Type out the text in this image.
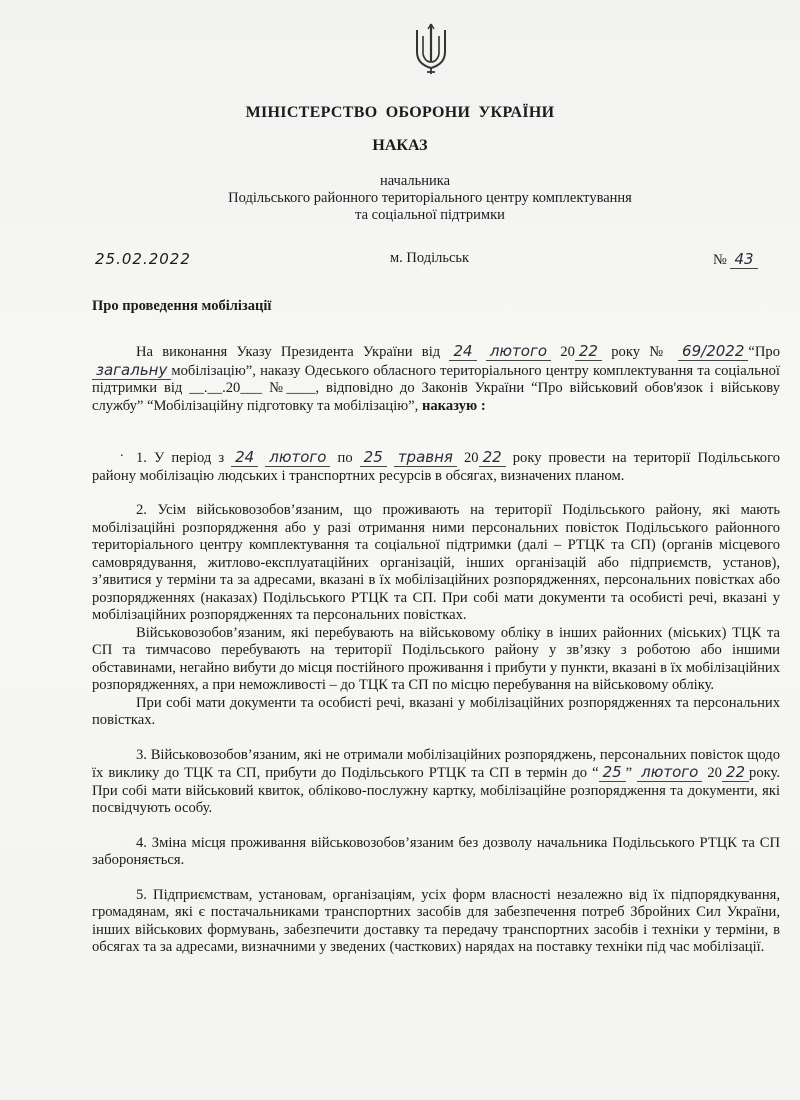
МІНІСТЕРСТВО ОБОРОНИ УКРАЇНИ
НАКАЗ
начальника
Подільського районного територіального центру комплектування
та соціальної підтримки
25.02.2022	м. Подільськ	№ 43
Про проведення мобілізації

На виконання Указу Президента України від 24 лютого 20 22 року № 69/2022 “Про загальну мобілізацію”, наказу Одеського обласного територіального центру комплектування та соціальної підтримки від __.__.20___ №____, відповідно до Законів України “Про військовий обов'язок і військову службу” “Мобілізаційну підготовку та мобілізацію”, наказую :

1. У період з 24 лютого по 25 травня 20 22 року провести на території Подільського району мобілізацію людських і транспортних ресурсів в обсягах, визначених планом.

2. Усім військовозобов’язаним, що проживають на території Подільського району, які мають мобілізаційні розпорядження або у разі отримання ними персональних повісток Подільського районного територіального центру комплектування та соціальної підтримки (далі – РТЦК та СП) (органів місцевого самоврядування, житлово-експлуатаційних організацій, інших організацій або підприємств, установ), з’явитися у терміни та за адресами, вказані в їх мобілізаційних розпорядженнях, персональних повістках або розпорядженнях (наказах) Подільського РТЦК та СП. При собі мати документи та особисті речі, вказані у мобілізаційних розпорядженнях та персональних повістках.

Військовозобов’язаним, які перебувають на військовому обліку в інших районних (міських) ТЦК та СП та тимчасово перебувають на території Подільського району у зв’язку з роботою або іншими обставинами, негайно вибути до місця постійного проживання і прибути у пункти, вказані в їх мобілізаційних розпорядженнях, а при неможливості – до ТЦК та СП по місцю перебування на військовому обліку.

При собі мати документи та особисті речі, вказані у мобілізаційних розпорядженнях та персональних повістках.

3. Військовозобов’язаним, які не отримали мобілізаційних розпоряджень, персональних повісток щодо їх виклику до ТЦК та СП, прибути до Подільського РТЦК та СП в термін до “ 25 ” лютого 20 22 року. При собі мати військовий квиток, обліково-послужну картку, мобілізаційне розпорядження та документи, які посвідчують особу.

4. Зміна місця проживання військовозобов’язаним без дозволу начальника Подільського РТЦК та СП забороняється.

5. Підприємствам, установам, організаціям, усіх форм власності незалежно від їх підпорядкування, громадянам, які є постачальниками транспортних засобів для забезпечення потреб Збройних Сил України, інших військових формувань, забезпечити доставку та передачу транспортних засобів і техніки у терміни, в обсягах та за адресами, визначними у зведених (часткових) нарядах на поставку техніки під час мобілізації.

.
